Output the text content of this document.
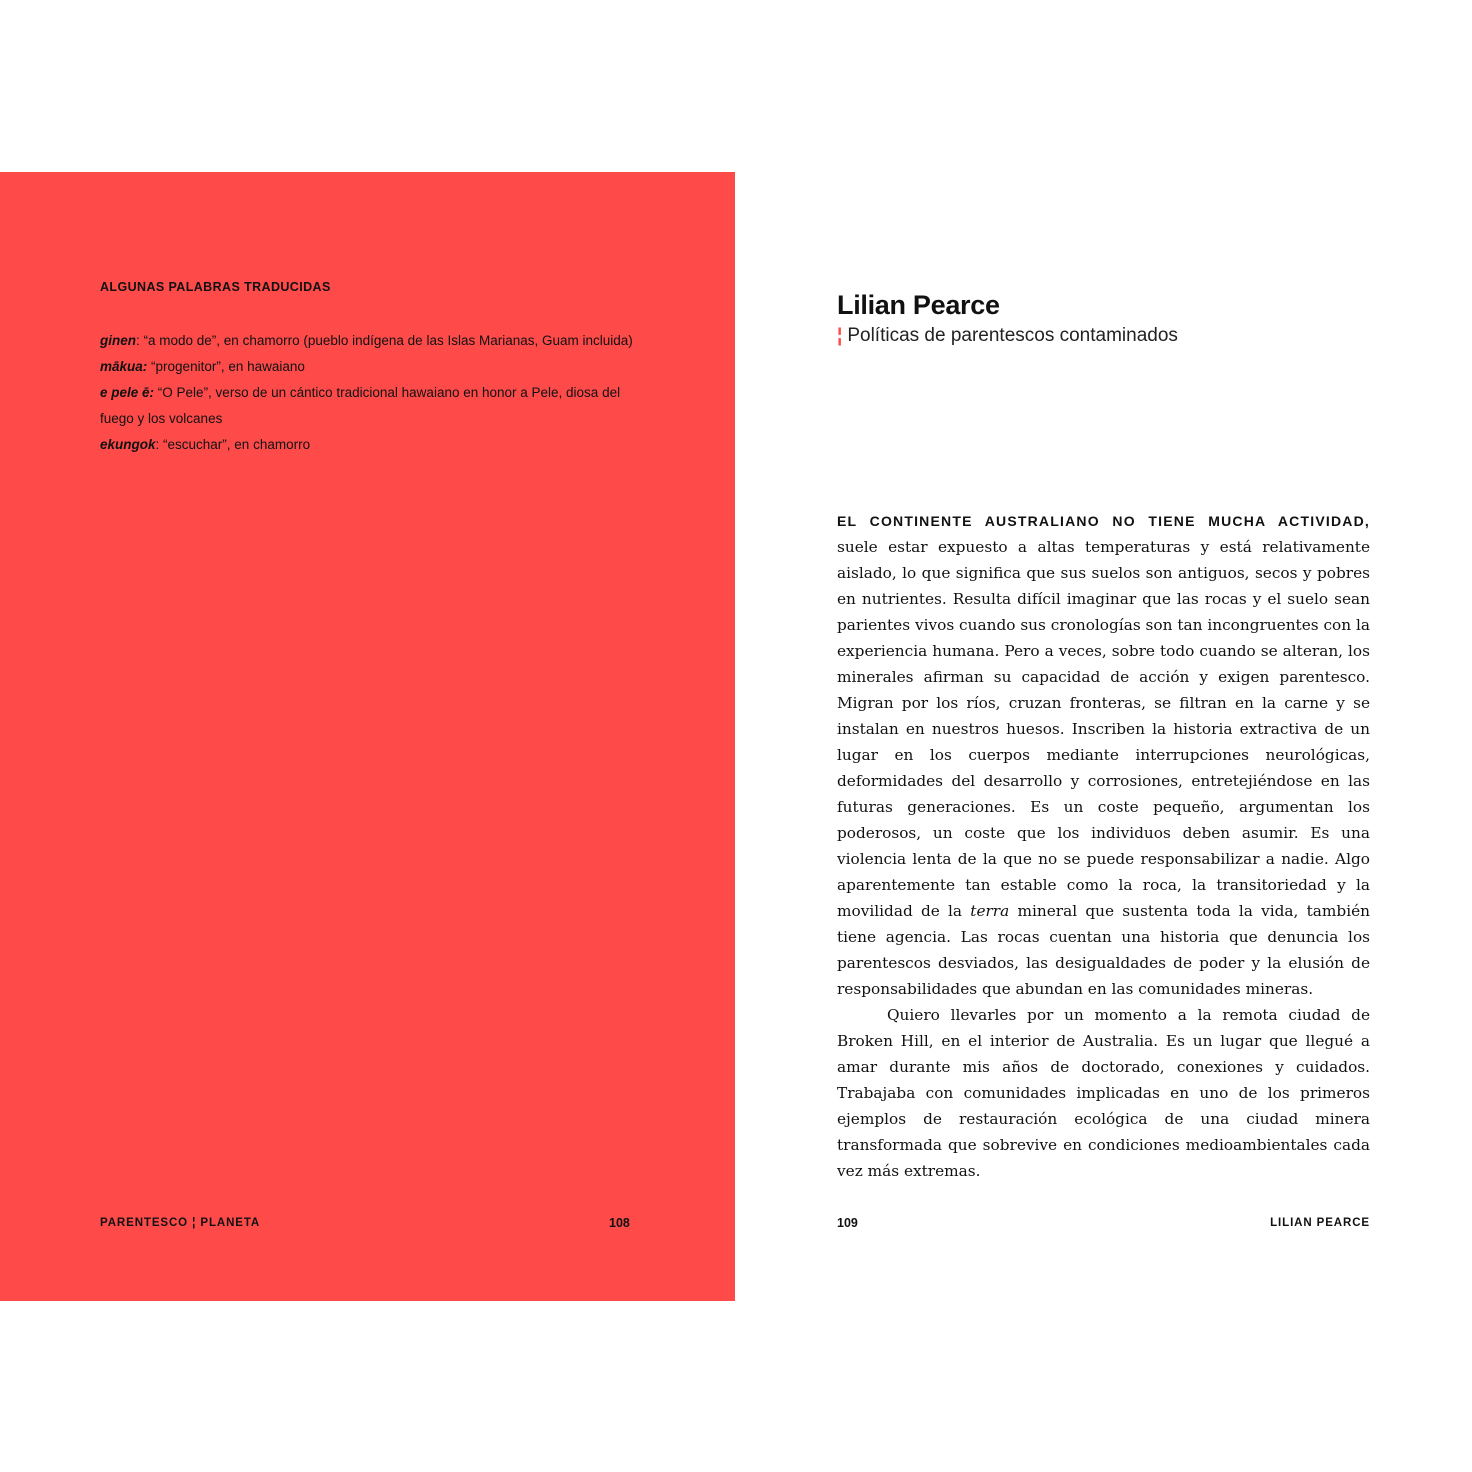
ALGUNAS PALABRAS TRADUCIDAS
ginen: “a modo de”, en chamorro (pueblo indígena de las Islas Marianas, Guam incluida)
mākua: “progenitor”, en hawaiano
e pele ē: “O Pele”, verso de un cántico tradicional hawaiano en honor a Pele, diosa del fuego y los volcanes
ekungok: “escuchar”, en chamorro
PARENTESCO ¦ PLANETA	108
Lilian Pearce
¦ Políticas de parentescos contaminados

EL CONTINENTE AUSTRALIANO NO TIENE MUCHA ACTIVIDAD, suele estar expuesto a altas temperaturas y está relativamente aislado, lo que significa que sus suelos son antiguos, secos y pobres en nutrientes. Resulta difícil imaginar que las rocas y el suelo sean parientes vivos cuando sus cronologías son tan incongruentes con la experiencia humana. Pero a veces, sobre todo cuando se alteran, los minerales afirman su capacidad de acción y exigen parentesco. Migran por los ríos, cruzan fronteras, se filtran en la carne y se instalan en nuestros huesos. Inscriben la historia extractiva de un lugar en los cuerpos mediante interrupciones neurológicas, deformidades del desarrollo y corrosiones, entretejiéndose en las futuras generaciones. Es un coste pequeño, argumentan los poderosos, un coste que los individuos deben asumir. Es una violencia lenta de la que no se puede responsabilizar a nadie. Algo aparentemente tan estable como la roca, la transitoriedad y la movilidad de la terra mineral que sustenta toda la vida, también tiene agencia. Las rocas cuentan una historia que denuncia los parentescos desviados, las desigualdades de poder y la elusión de responsabilidades que abundan en las comunidades mineras.

Quiero llevarles por un momento a la remota ciudad de Broken Hill, en el interior de Australia. Es un lugar que llegué a amar durante mis años de doctorado, conexiones y cuidados. Trabajaba con comunidades implicadas en uno de los primeros ejemplos de restauración ecológica de una ciudad minera transformada que sobrevive en condiciones medioambientales cada vez más extremas.

109	LILIAN PEARCE
